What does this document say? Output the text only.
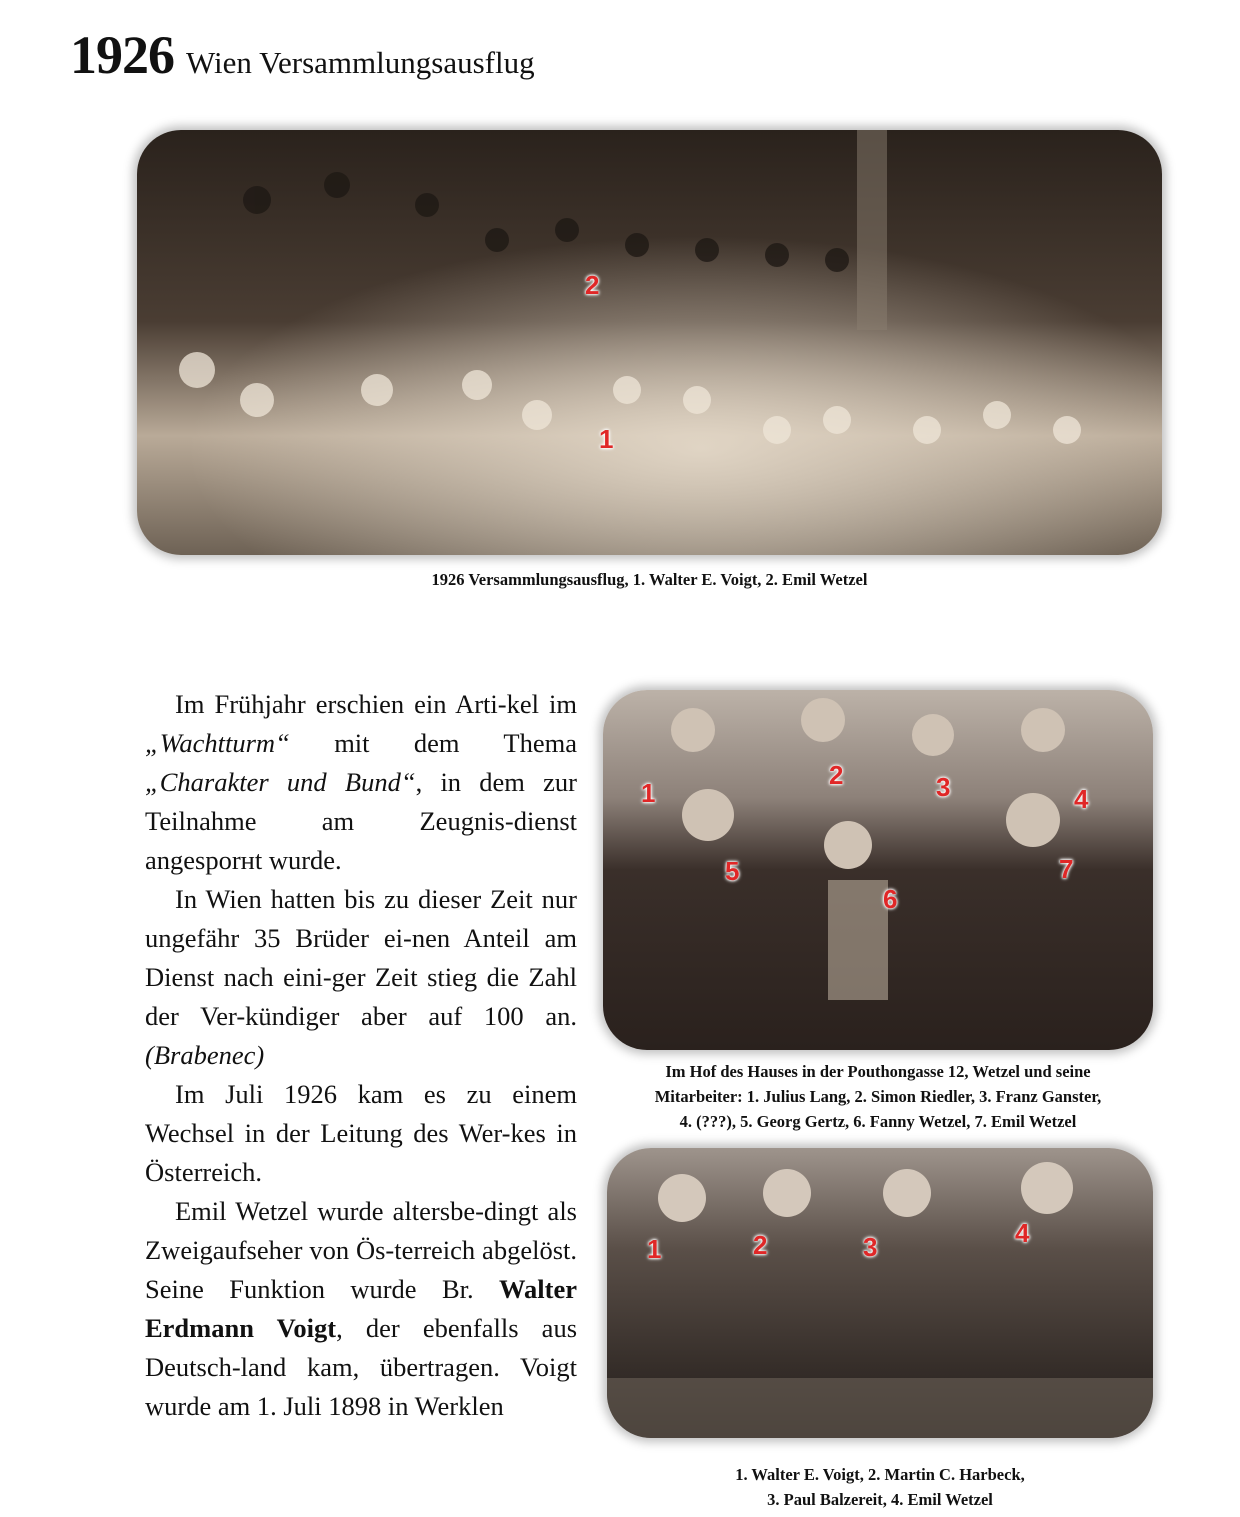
1926 Wien Versammlungsausflug
1
2
1926 Versammlungsausflug, 1. Walter E. Voigt, 2. Emil Wetzel
1
2	3	4
5
6
7
Im Hof des Hauses in der Pouthongasse 12, Wetzel und seine
Mitarbeiter: 1. Julius Lang, 2. Simon Riedler, 3. Franz Ganster,
4. (???), 5. Georg Gertz, 6. Fanny Wetzel, 7. Emil Wetzel
1	2	3	4
1. Walter E. Voigt, 2. Martin C. Harbeck,
3. Paul Balzereit, 4. Emil Wetzel

Im Frühjahr erschien ein Arti-kel im „Wachtturm“ mit dem Thema „Charakter und Bund“, in dem zur Teilnahme am Zeugnis-dienst angesporнt wurde.

In Wien hatten bis zu dieser Zeit nur ungefähr 35 Brüder ei-nen Anteil am Dienst nach eini-ger Zeit stieg die Zahl der Ver-kündiger aber auf 100 an. (Brabenec)

Im Juli 1926 kam es zu einem Wechsel in der Leitung des Wer-kes in Österreich.

Emil Wetzel wurde altersbe-dingt als Zweigaufseher von Ös-terreich abgelöst. Seine Funktion wurde Br. Walter Erdmann Voigt, der ebenfalls aus Deutsch-land kam, übertragen. Voigt wurde am 1. Juli 1898 in Werklen
